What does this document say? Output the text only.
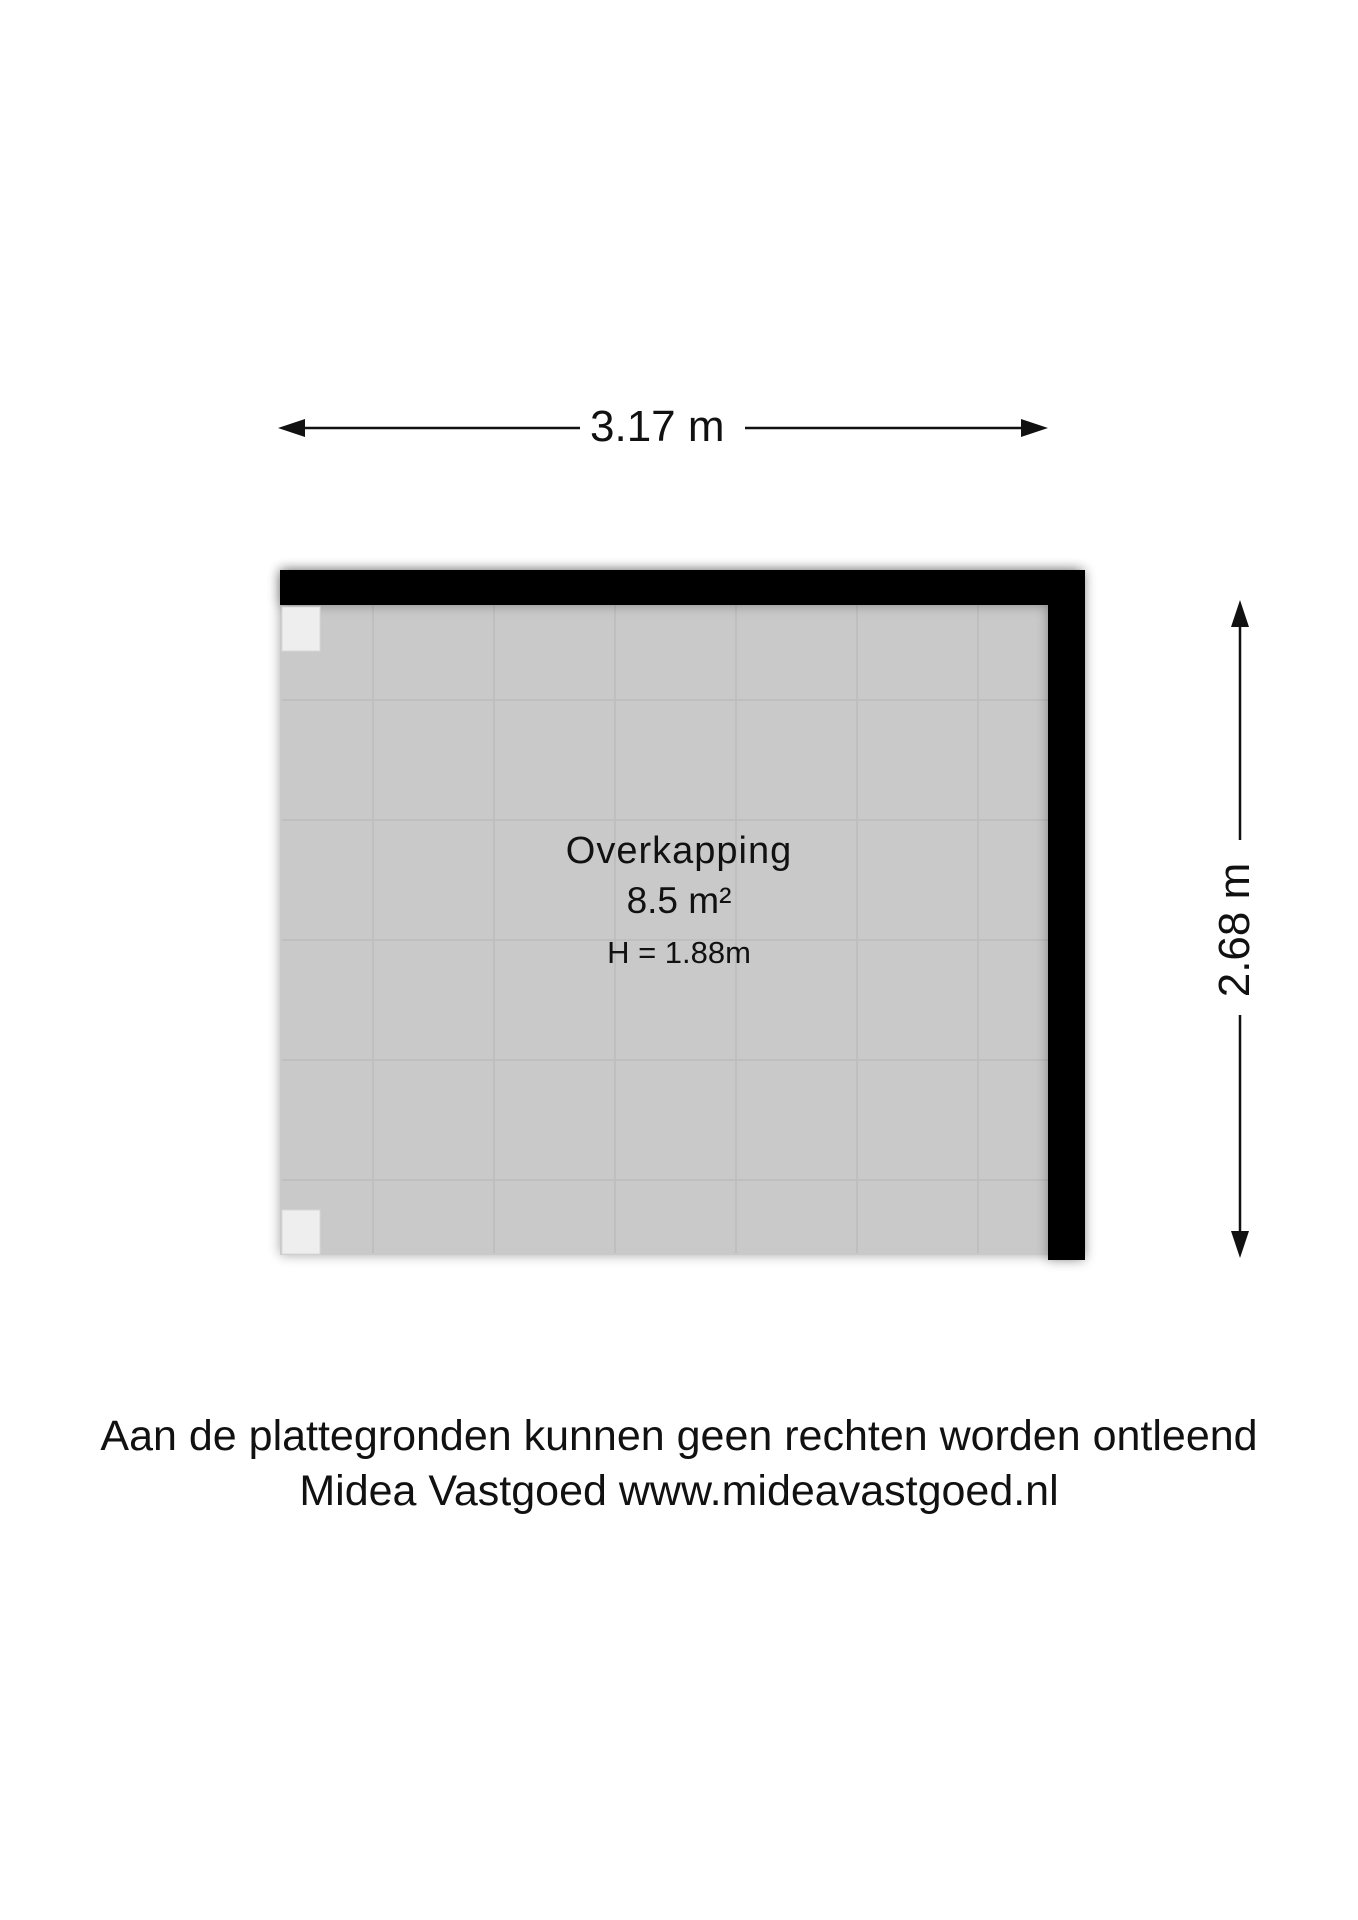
3.17 m
2.68 m
Overkapping
8.5 m²
H = 1.88m
Aan de plattegronden kunnen geen rechten worden ontleend
Midea Vastgoed www.mideavastgoed.nl
